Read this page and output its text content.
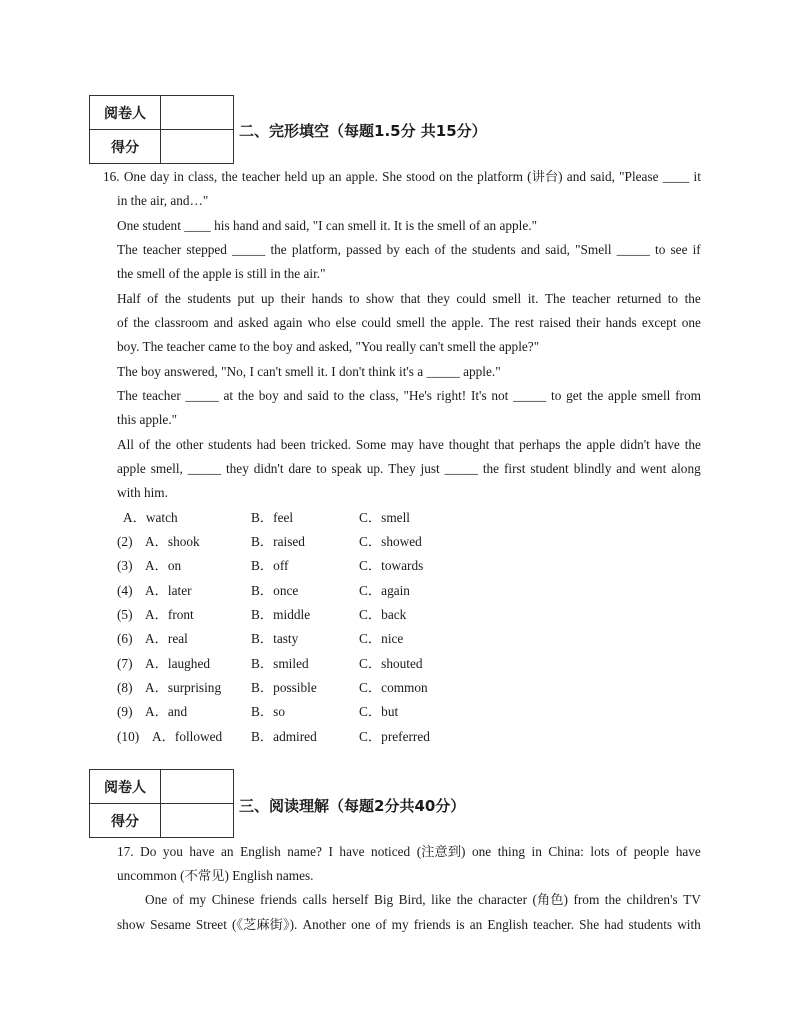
阅卷人	
得分	
二、完形填空（每题1.5分 共15分）
16. One day in class, the teacher held up an apple. She stood on the platform (讲台) and said, "Please ____ it
in the air, and…"
One student ____ his hand and said, "I can smell it. It is the smell of an apple."
The teacher stepped _____ the platform, passed by each of the students and said, "Smell _____ to see if
the smell of the apple is still in the air."
Half of the students put up their hands to show that they could smell it. The teacher returned to the
of the classroom and asked again who else could smell the apple. The rest raised their hands except one
boy. The teacher came to the boy and asked, "You really can't smell the apple?"
The boy answered, "No, I can't smell it. I don't think it's a _____ apple."
The teacher _____ at the boy and said to the class, "He's right! It's not _____ to get the apple smell from
this apple."
All of the other students had been tricked. Some may have thought that perhaps the apple didn't have the
apple smell, _____ they didn't dare to speak up. They just _____ the first student blindly and went along
with him.
A．watch	B．feel	C．smell
(2) A．shook	B．raised	C．showed
(3) A．on	B．off	C．towards
(4) A．later	B．once	C．again
(5) A．front	B．middle	C．back
(6) A．real	B．tasty	C．nice
(7) A．laughed	B．smiled	C．shouted
(8) A．surprising B．possible	C．common
(9) A．and	B．so	C．but
(10) A．followed B．admired	C．preferred
阅卷人	
得分	
三、阅读理解（每题2分共40分）
17. Do you have an English name? I have noticed (注意到) one thing in China: lots of people have
uncommon (不常见) English names.
One of my Chinese friends calls herself Big Bird, like the character (角色) from the children's TV
show Sesame Street (《芝麻街》). Another one of my friends is an English teacher. She had students with
